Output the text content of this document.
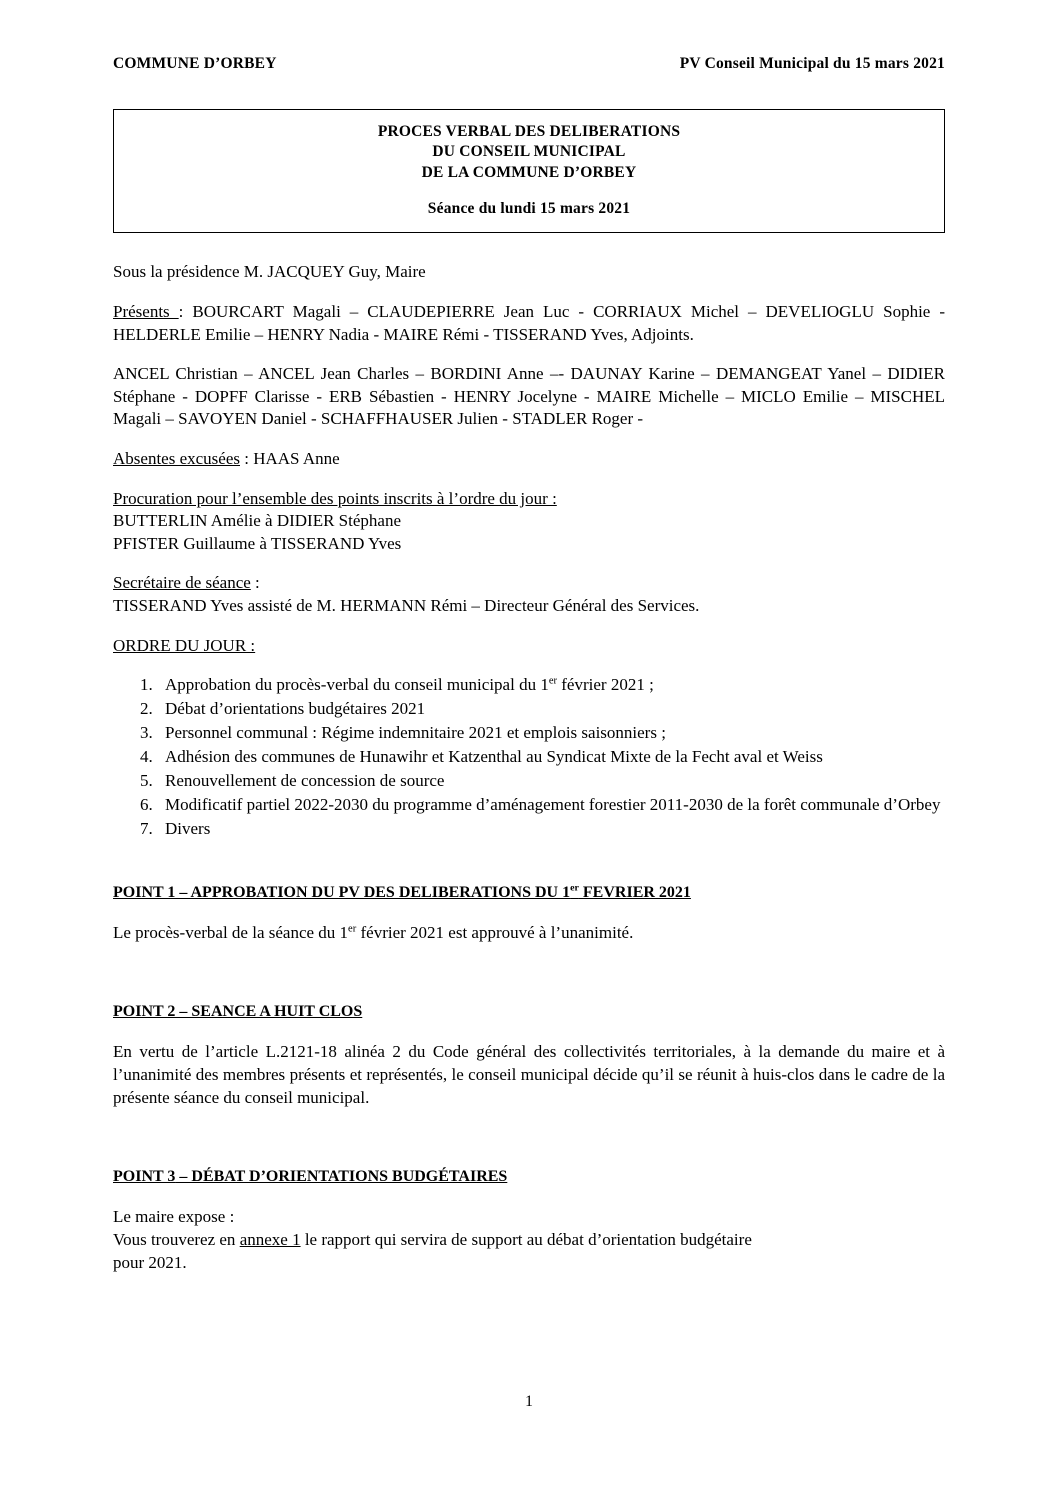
COMMUNE D’ORBEY	PV Conseil Municipal du 15 mars 2021
PROCES VERBAL DES DELIBERATIONS
DU CONSEIL MUNICIPAL
DE LA COMMUNE D’ORBEY
Séance du lundi 15 mars 2021

Sous la présidence M. JACQUEY Guy, Maire

Présents : BOURCART Magali – CLAUDEPIERRE Jean Luc - CORRIAUX Michel – DEVELIOGLU Sophie - HELDERLE Emilie – HENRY Nadia - MAIRE Rémi - TISSERAND Yves, Adjoints.

ANCEL Christian – ANCEL Jean Charles – BORDINI Anne –- DAUNAY Karine – DEMANGEAT Yanel – DIDIER Stéphane - DOPFF Clarisse - ERB Sébastien - HENRY Jocelyne - MAIRE Michelle – MICLO Emilie – MISCHEL Magali – SAVOYEN Daniel - SCHAFFHAUSER Julien - STADLER Roger -

Absentes excusées : HAAS Anne

Procuration pour l’ensemble des points inscrits à l’ordre du jour :

BUTTERLIN Amélie à DIDIER Stéphane

PFISTER Guillaume à TISSERAND Yves

Secrétaire de séance :

TISSERAND Yves assisté de M. HERMANN Rémi – Directeur Général des Services.

ORDRE DU JOUR :

1. Approbation du procès-verbal du conseil municipal du 1er février 2021 ;
2. Débat d’orientations budgétaires 2021
3. Personnel communal : Régime indemnitaire 2021 et emplois saisonniers ;
4. Adhésion des communes de Hunawihr et Katzenthal au Syndicat Mixte de la Fecht aval et Weiss
5. Renouvellement de concession de source
6. Modificatif partiel 2022-2030 du programme d’aménagement forestier 2011-2030 de la forêt communale d’Orbey
7. Divers
POINT 1 – APPROBATION DU PV DES DELIBERATIONS DU 1er FEVRIER 2021

Le procès-verbal de la séance du 1er février 2021 est approuvé à l’unanimité.

POINT 2 – SEANCE A HUIT CLOS

En vertu de l’article L.2121-18 alinéa 2 du Code général des collectivités territoriales, à la demande du maire et à l’unanimité des membres présents et représentés, le conseil municipal décide qu’il se réunit à huis-clos dans le cadre de la présente séance du conseil municipal.

POINT 3 – DÉBAT D’ORIENTATIONS BUDGÉTAIRES

Le maire expose :

Vous trouverez en annexe 1 le rapport qui servira de support au débat d’orientation budgétaire

pour 2021.

1
